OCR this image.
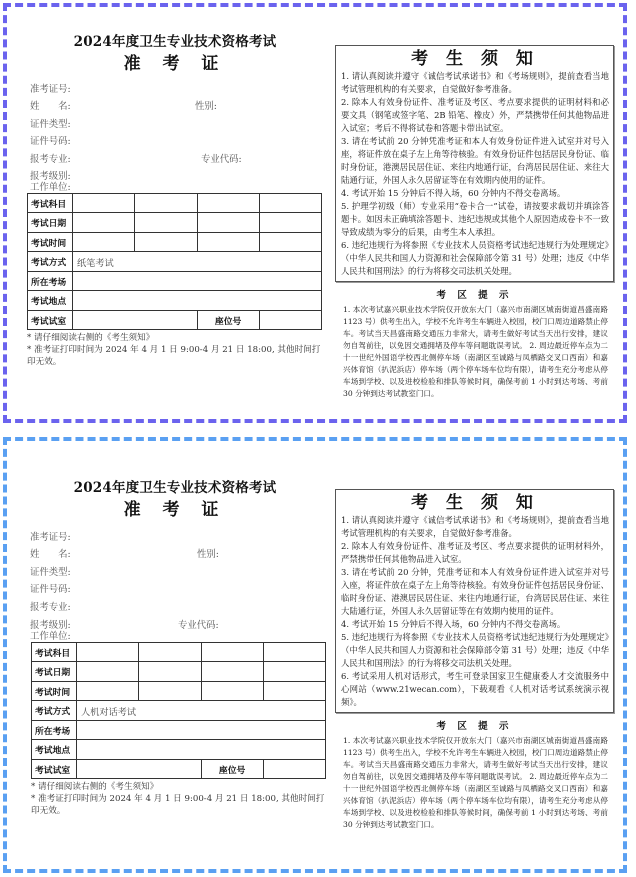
2024年度卫生专业技术资格考试

准 考 证

准考证号:
姓　　名:	性别:
证件类型:
证件号码:
报考专业:	专业代码:
报考级别:
工作单位:
考试科目				
考试日期				
考试时间				
考试方式	纸笔考试			
所在考场				
考试地点				
考试试室			座位号	
* 请仔细阅读右侧的《考生须知》
* 准考证打印时间为 2024 年 4 月 1 日 9:00-4 月 21 日 18:00, 其他时间打印无效。

考 生 须 知

1. 请认真阅读并遵守《诚信考试承诺书》和《考场规则》，提前查看当地考试管理机构的有关要求，自觉做好参考准备。

2. 除本人有效身份证件、准考证及考区、考点要求提供的证明材料和必要文具（钢笔或签字笔、2B 铅笔、橡皮）外，严禁携带任何其他物品进入试室；考后不得将试卷和答题卡带出试室。

3. 请在考试前 20 分钟凭准考证和本人有效身份证件进入试室并对号入座，将证件放在桌子左上角等待核验。有效身份证件包括居民身份证、临时身份证，港澳居民居住证、来往内地通行证，台湾居民居住证、来往大陆通行证，外国人永久居留证等在有效期内使用的证件。

4. 考试开始 15 分钟后不得入场，60 分钟内不得交卷离场。

5. 护理学初级（师）专业采用“卷卡合一”试卷，请按要求裁切并填涂答题卡。如因未正确填涂答题卡、违纪违规或其他个人原因造成卷卡不一致导致成绩为零分的后果，由考生本人承担。

6. 违纪违规行为将参照《专业技术人员资格考试违纪违规行为处理规定》（中华人民共和国人力资源和社会保障部令第 31 号）处理；违反《中华人民共和国刑法》的行为将移交司法机关处理。

考 区 提 示
1. 本次考试嘉兴职业技术学院仅开放东大门（嘉兴市南湖区城南街道昌盛南路 1123 号）供考生出入，学校不允许考生车辆进入校园，校门口周边道路禁止停车。考试当天昌盛南路交通压力非常大，请考生做好考试当天出行安排，建议勿自驾前往，以免因交通拥堵及停车等问题耽误考试。 2. 周边最近停车点为二十一世纪外国语学校西北侧停车场（南湖区至诚路与凤栖路交叉口西南）和嘉兴体育馆（扒泥浜店）停车场（两个停车场车位均有限），请考生充分考虑从停车场到学校、以及进校检验和排队等候时间，确保考前 1 小时到达考场、考前 30 分钟到达考试教室门口。

2024年度卫生专业技术资格考试

准 考 证

准考证号:
姓　　名:	性别:
证件类型:
证件号码:
报考专业:
报考级别:	专业代码:
工作单位:
考试科目				
考试日期				
考试时间				
考试方式	人机对话考试			
所在考场				
考试地点				
考试试室			座位号	
* 请仔细阅读右侧的《考生须知》
* 准考证打印时间为 2024 年 4 月 1 日 9:00-4 月 21 日 18:00, 其他时间打印无效。

考 生 须 知

1. 请认真阅读并遵守《诚信考试承诺书》和《考场规则》，提前查看当地考试管理机构的有关要求，自觉做好参考准备。

2. 除本人有效身份证件、准考证及考区、考点要求提供的证明材料外，严禁携带任何其他物品进入试室。

3. 请在考试前 20 分钟，凭准考证和本人有效身份证件进入试室并对号入座，将证件放在桌子左上角等待核验。有效身份证件包括居民身份证、临时身份证、港澳居民居住证、来往内地通行证，台湾居民居住证、来往大陆通行证，外国人永久居留证等在有效期内使用的证件。

4. 考试开始 15 分钟后不得入场，60 分钟内不得交卷离场。

5. 违纪违规行为将参照《专业技术人员资格考试违纪违规行为处理规定》（中华人民共和国人力资源和社会保障部令第 31 号）处理；违反《中华人民共和国刑法》的行为将移交司法机关处理。

6. 考试采用人机对话形式，考生可登录国家卫生健康委人才交流服务中心网站（www.21wecan.com），下载观看《人机对话考试系统演示视频》。

考 区 提 示
1. 本次考试嘉兴职业技术学院仅开放东大门（嘉兴市南湖区城南街道昌盛南路 1123 号）供考生出入，学校不允许考生车辆进入校园，校门口周边道路禁止停车。考试当天昌盛南路交通压力非常大，请考生做好考试当天出行安排，建议勿自驾前往，以免因交通拥堵及停车等问题耽误考试。 2. 周边最近停车点为二十一世纪外国语学校西北侧停车场（南湖区至诚路与凤栖路交叉口西南）和嘉兴体育馆（扒泥浜店）停车场（两个停车场车位均有限），请考生充分考虑从停车场到学校、以及进校检验和排队等候时间，确保考前 1 小时到达考场、考前 30 分钟到达考试教室门口。
